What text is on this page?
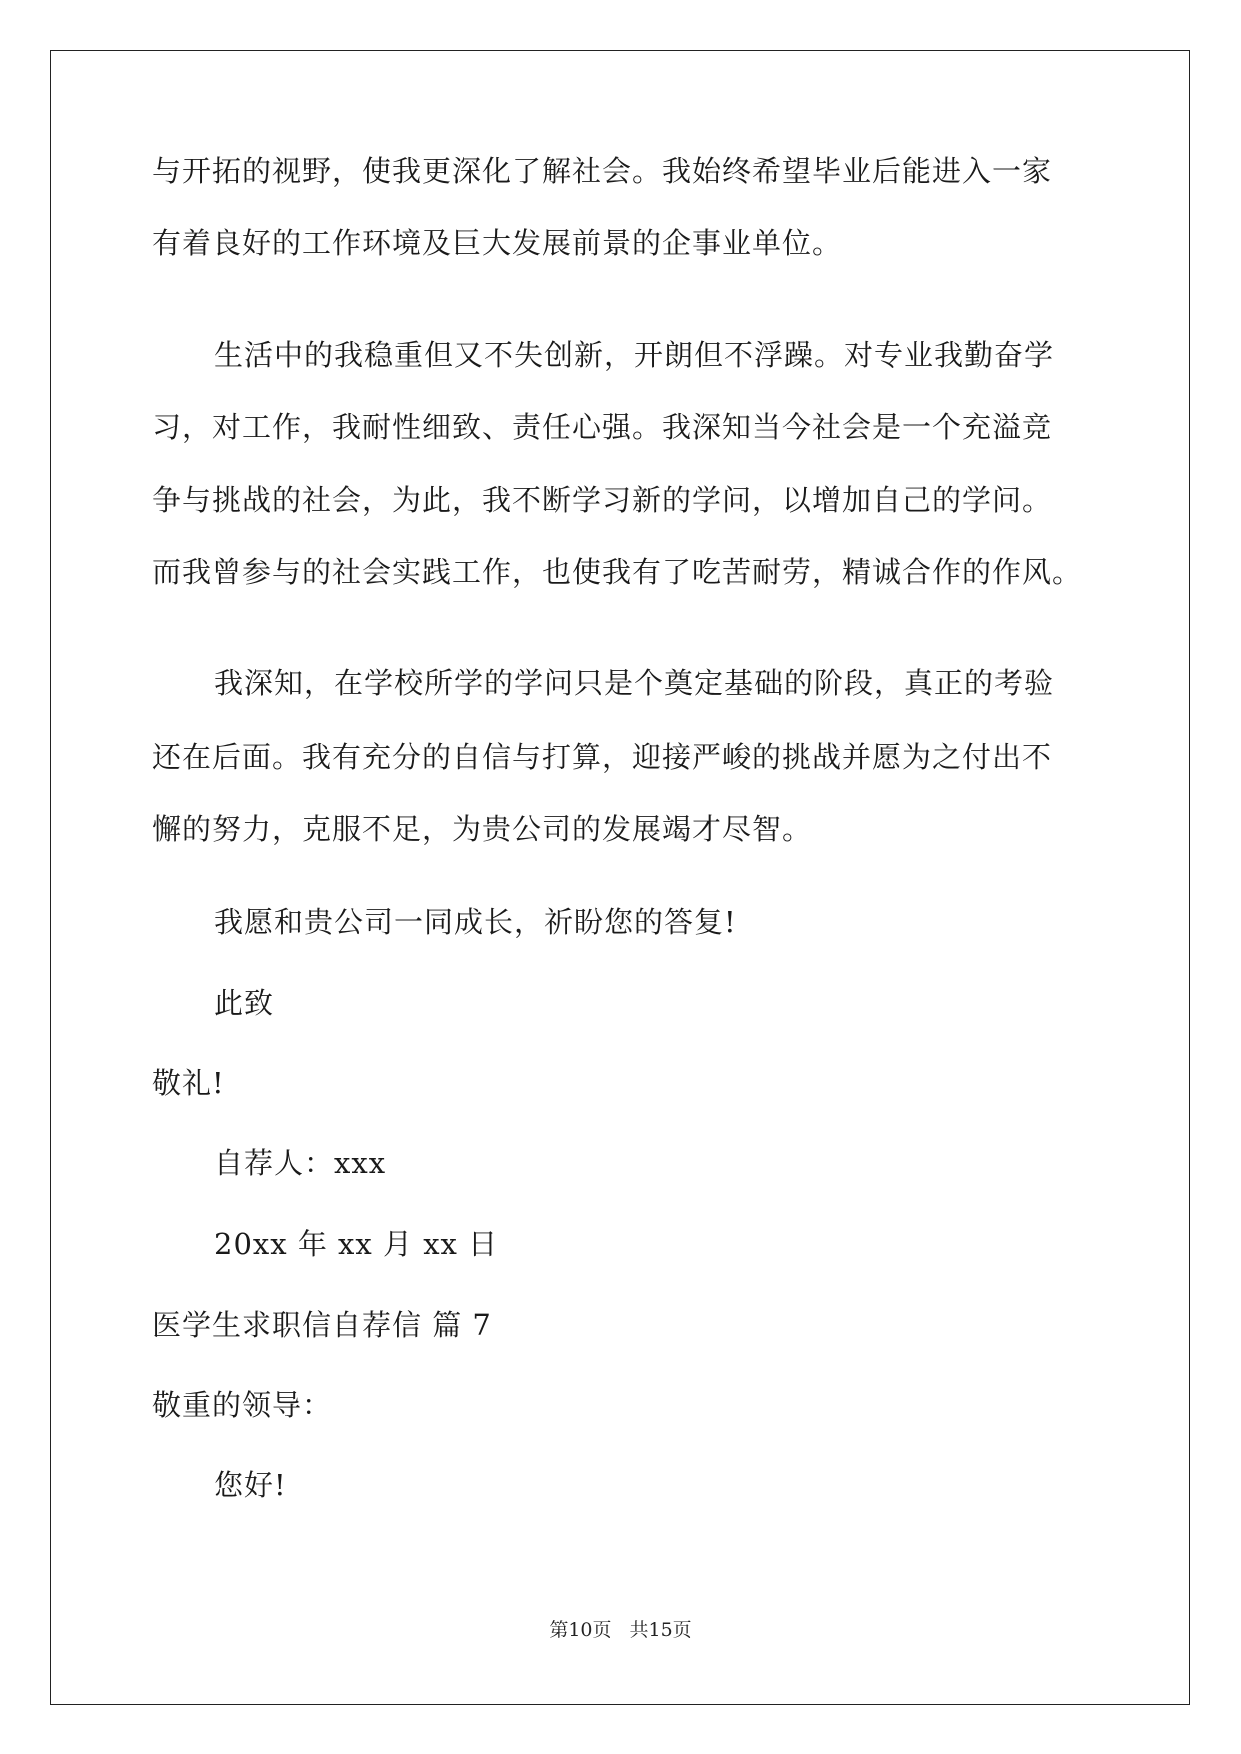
与开拓的视野，使我更深化了解社会。我始终希望毕业后能进入一家
有着良好的工作环境及巨大发展前景的企事业单位。
生活中的我稳重但又不失创新，开朗但不浮躁。对专业我勤奋学
习，对工作，我耐性细致、责任心强。我深知当今社会是一个充溢竞
争与挑战的社会，为此，我不断学习新的学问，以增加自己的学问。
而我曾参与的社会实践工作，也使我有了吃苦耐劳，精诚合作的作风。
我深知，在学校所学的学问只是个奠定基础的阶段，真正的考验
还在后面。我有充分的自信与打算，迎接严峻的挑战并愿为之付出不
懈的努力，克服不足，为贵公司的发展竭才尽智。
我愿和贵公司一同成长，祈盼您的答复!
此致
敬礼!
自荐人：xxx
20xx 年 xx 月 xx 日
医学生求职信自荐信 篇 7
敬重的领导：
您好!
第10页 共15页
